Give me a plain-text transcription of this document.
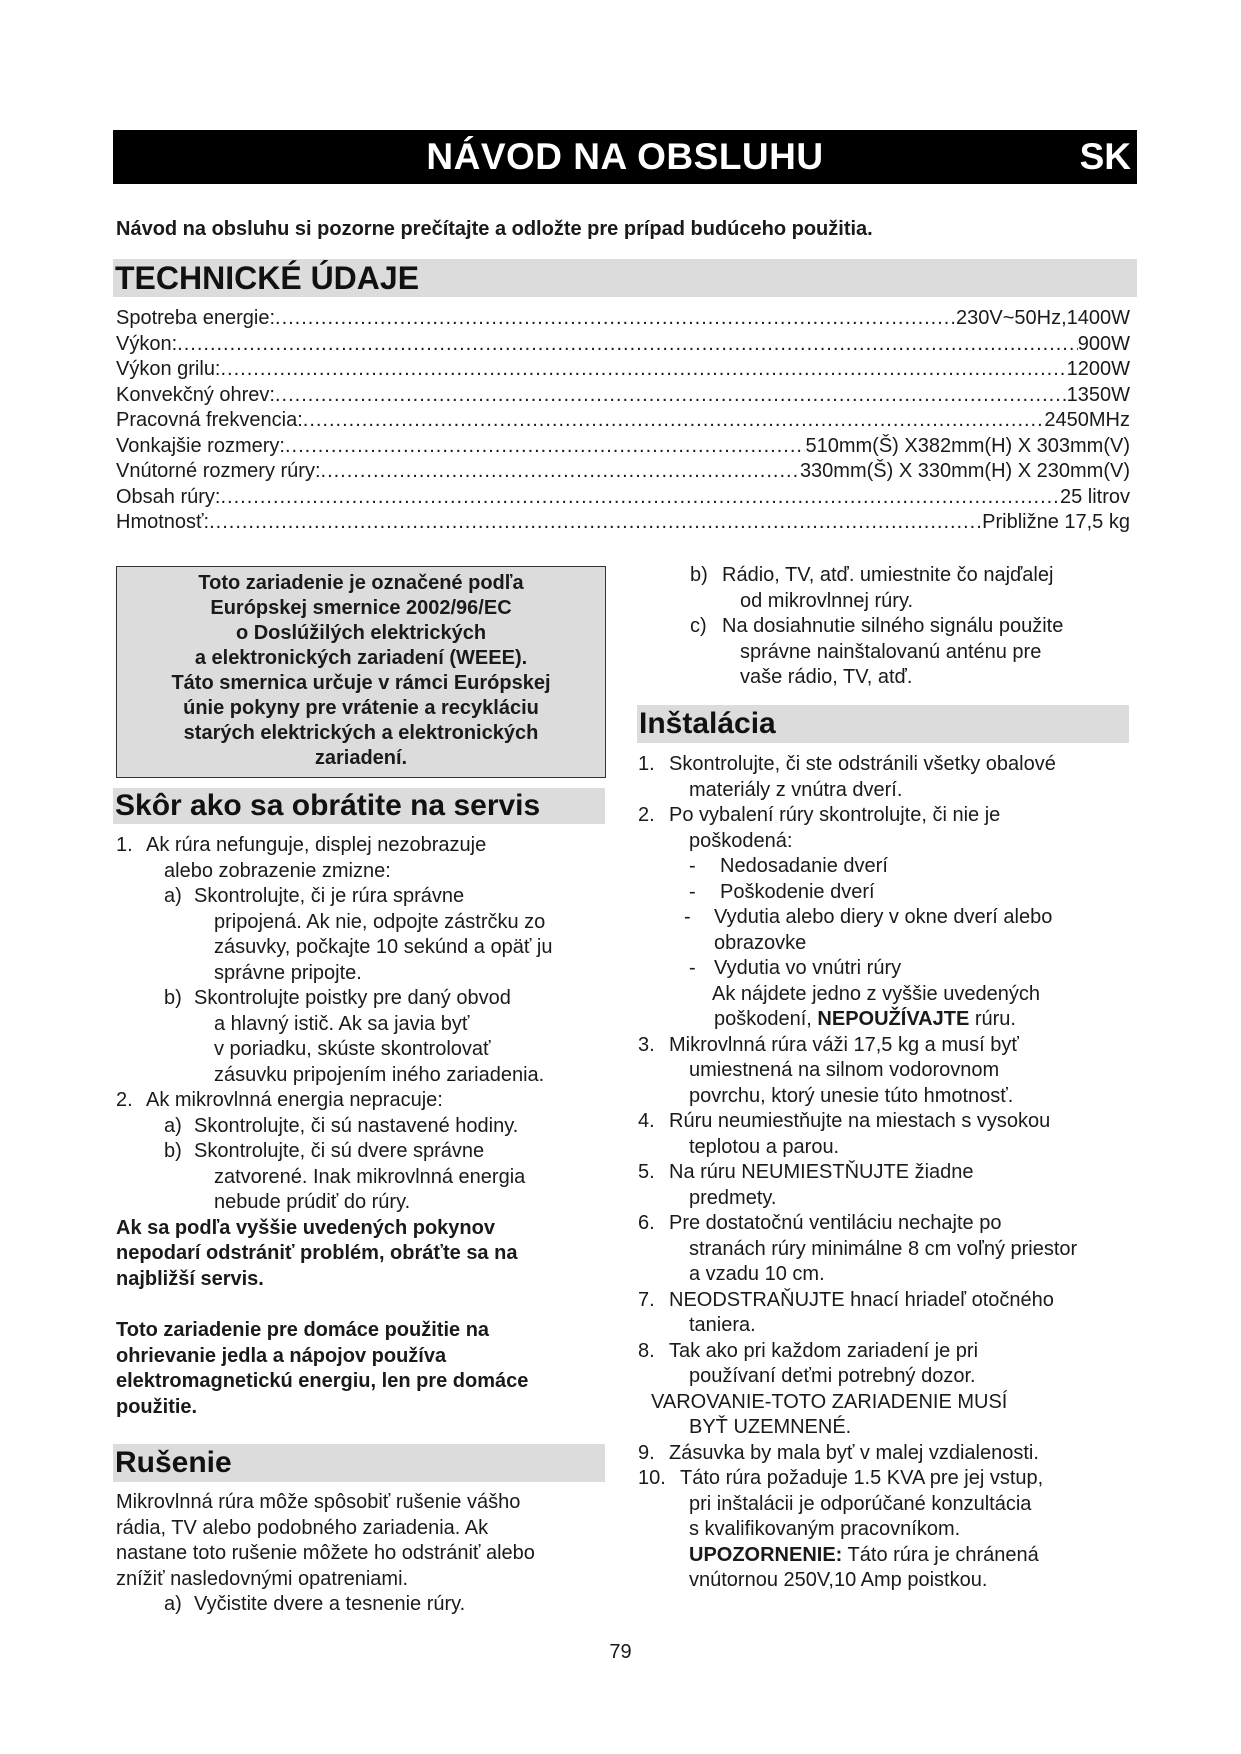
NÁVOD NA OBSLUHU	SK
Návod na obsluhu si pozorne prečítajte a odložte pre prípad budúceho použitia.
TECHNICKÉ ÚDAJE
Spotreba energie: .....	230V~50Hz,1400W
Výkon: .....	900W
Výkon grilu: .....	1200W
Konvekčný ohrev: .....	1350W
Pracovná frekvencia: .....	2450MHz
Vonkajšie rozmery: .....	510mm(Š) X382mm(H) X 303mm(V)
Vnútorné rozmery rúry: .....	330mm(Š) X 330mm(H) X 230mm(V)
Obsah rúry: .....	25 litrov
Hmotnosť: .....	Približne 17,5 kg
Toto zariadenie je označené podľa
Európskej smernice 2002/96/EC
o Doslúžilých elektrických
a elektronických zariadení (WEEE).
Táto smernica určuje v rámci Európskej
únie pokyny pre vrátenie a recykláciu
starých elektrických a elektronických
zariadení.
Skôr ako sa obrátite na servis
1. Ak rúra nefunguje, displej nezobrazuje
alebo zobrazenie zmizne:
a) Skontrolujte, či je rúra správne
pripojená. Ak nie, odpojte zástrčku zo
zásuvky, počkajte 10 sekúnd a opäť ju
správne pripojte.
b) Skontrolujte poistky pre daný obvod
a hlavný istič. Ak sa javia byť
v poriadku, skúste skontrolovať
zásuvku pripojením iného zariadenia.
2. Ak mikrovlnná energia nepracuje:
a) Skontrolujte, či sú nastavené hodiny.
b) Skontrolujte, či sú dvere správne
zatvorené. Inak mikrovlnná energia
nebude prúdiť do rúry.
Ak sa podľa vyššie uvedených pokynov
nepodarí odstrániť problém, obráťte sa na
najbližší servis.
Toto zariadenie pre domáce použitie na
ohrievanie jedla a nápojov používa
elektromagnetickú energiu, len pre domáce
použitie.
Rušenie
Mikrovlnná rúra môže spôsobiť rušenie vášho
rádia, TV alebo podobného zariadenia. Ak
nastane toto rušenie môžete ho odstrániť alebo
znížiť nasledovnými opatreniami.
a) Vyčistite dvere a tesnenie rúry.
b) Rádio, TV, atď. umiestnite čo najďalej
od mikrovlnnej rúry.
c) Na dosiahnutie silného signálu použite
správne nainštalovanú anténu pre
vaše rádio, TV, atď.
Inštalácia
1. Skontrolujte, či ste odstránili všetky obalové
materiály z vnútra dverí.
2. Po vybalení rúry skontrolujte, či nie je
poškodená:
- Nedosadanie dverí
- Poškodenie dverí
- Vydutia alebo diery v okne dverí alebo
obrazovke
- Vydutia vo vnútri rúry
Ak nájdete jedno z vyššie uvedených
poškodení, NEPOUŽÍVAJTE rúru.
3. Mikrovlnná rúra váži 17,5 kg a musí byť
umiestnená na silnom vodorovnom
povrchu, ktorý unesie túto hmotnosť.
4. Rúru neumiestňujte na miestach s vysokou
teplotou a parou.
5. Na rúru NEUMIESTŇUJTE žiadne
predmety.
6. Pre dostatočnú ventiláciu nechajte po
stranách rúry minimálne 8 cm voľný priestor
a vzadu 10 cm.
7. NEODSTRAŇUJTE hnací hriadeľ otočného
taniera.
8. Tak ako pri každom zariadení je pri
používaní deťmi potrebný dozor.
VAROVANIE-TOTO ZARIADENIE MUSÍ
BYŤ UZEMNENÉ.
9. Zásuvka by mala byť v malej vzdialenosti.
10. Táto rúra požaduje 1.5 KVA pre jej vstup,
pri inštalácii je odporúčané konzultácia
s kvalifikovaným pracovníkom.
UPOZORNENIE: Táto rúra je chránená
vnútornou 250V,10 Amp poistkou.
79
